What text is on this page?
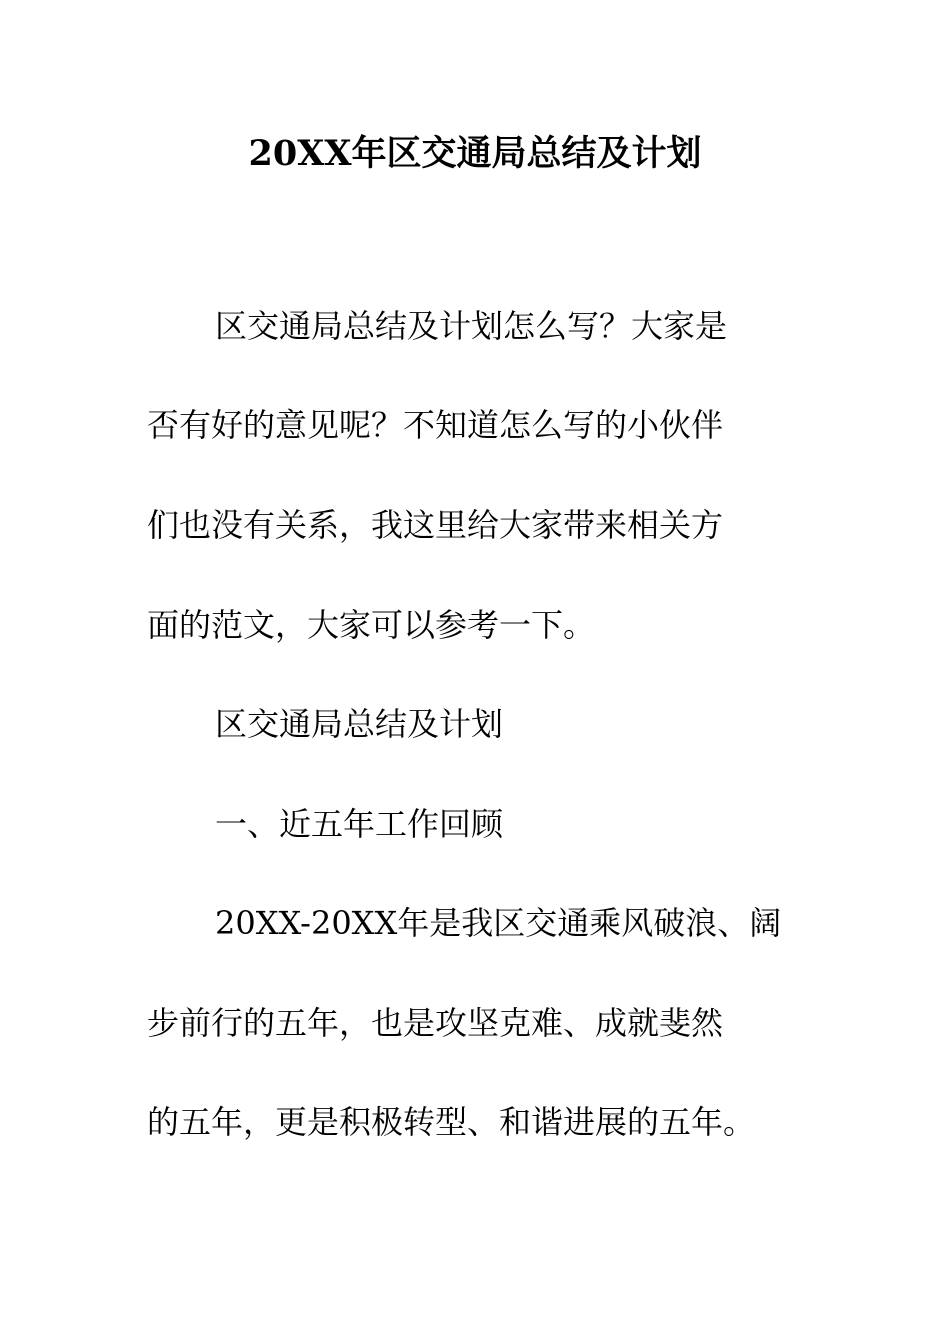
20XX年区交通局总结及计划

区交通局总结及计划怎么写？大家是

否有好的意见呢？不知道怎么写的小伙伴

们也没有关系，我这里给大家带来相关方

面的范文，大家可以参考一下。

区交通局总结及计划

一、近五年工作回顾

20XX-20XX年是我区交通乘风破浪、阔

步前行的五年，也是攻坚克难、成就斐然

的五年，更是积极转型、和谐进展的五年。
